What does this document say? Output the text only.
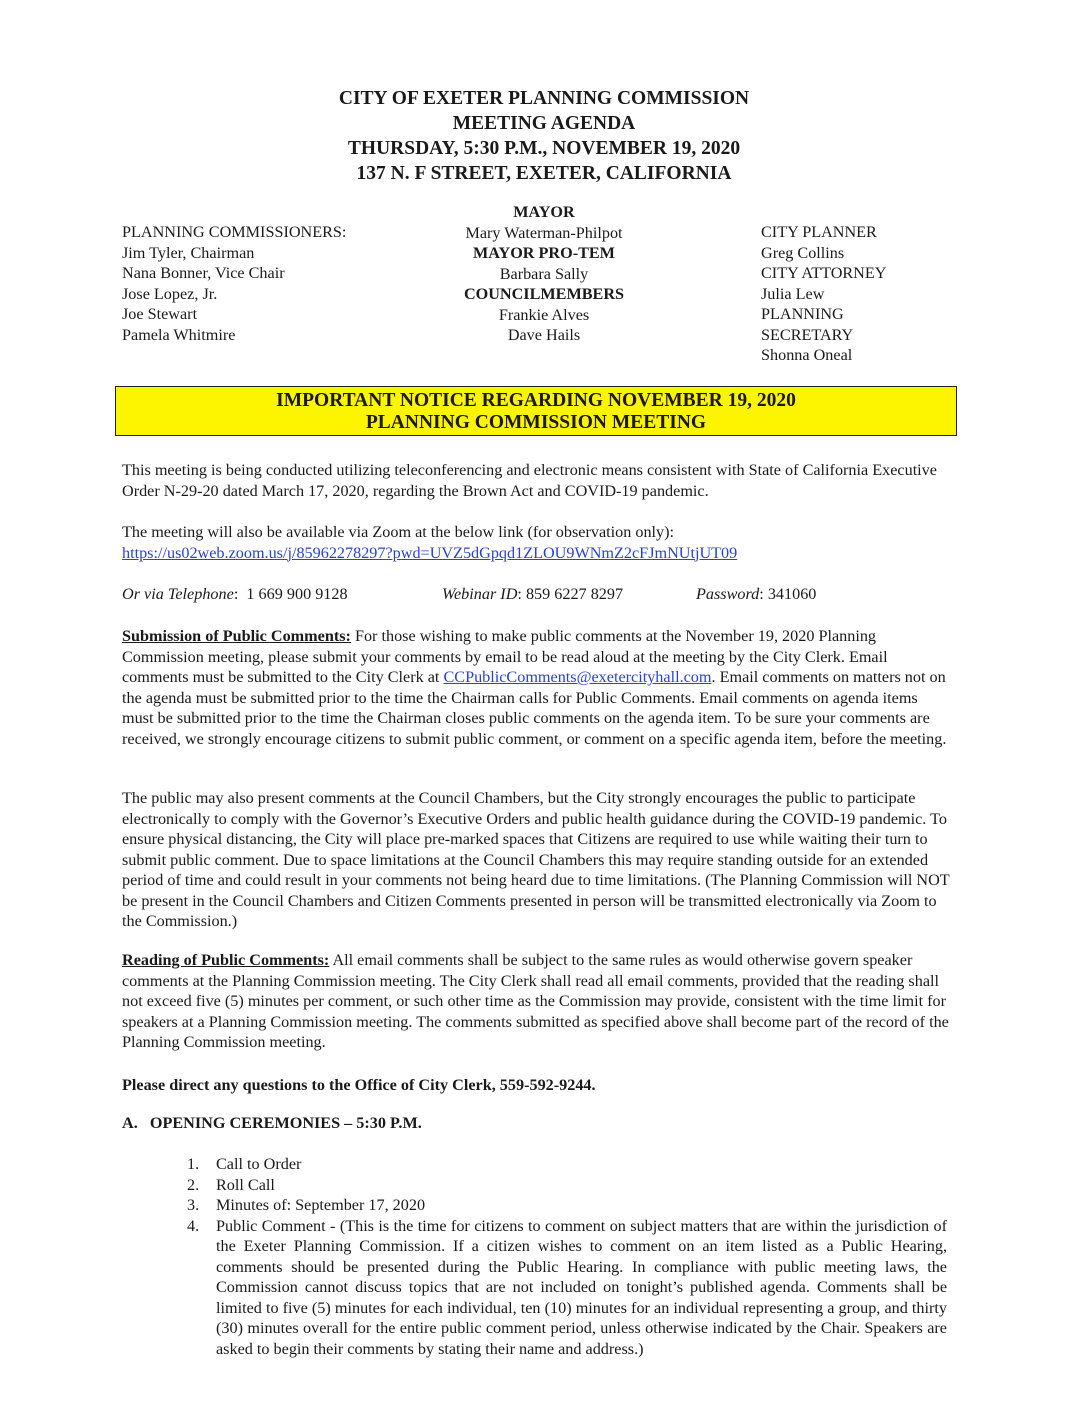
CITY OF EXETER PLANNING COMMISSION
MEETING AGENDA
THURSDAY, 5:30 P.M., NOVEMBER 19, 2020
137 N. F STREET, EXETER, CALIFORNIA
PLANNING COMMISSIONERS:
Jim Tyler, Chairman
Nana Bonner, Vice Chair
Jose Lopez, Jr.
Joe Stewart
Pamela Whitmire
MAYOR
Mary Waterman-Philpot
MAYOR PRO-TEM
Barbara Sally
COUNCILMEMBERS
Frankie Alves
Dave Hails
CITY PLANNER
Greg Collins
CITY ATTORNEY
Julia Lew
PLANNING
SECRETARY
Shonna Oneal
IMPORTANT NOTICE REGARDING NOVEMBER 19, 2020
PLANNING COMMISSION MEETING
This meeting is being conducted utilizing teleconferencing and electronic means consistent with State of California Executive Order N-29-20 dated March 17, 2020, regarding the Brown Act and COVID-19 pandemic.
The meeting will also be available via Zoom at the below link (for observation only):
https://us02web.zoom.us/j/85962278297?pwd=UVZ5dGpqd1ZLOU9WNmZ2cFJmNUtjUT09
Or via Telephone:  1 669 900 9128	Webinar ID: 859 6227 8297	Password: 341060
Submission of Public Comments: For those wishing to make public comments at the November 19, 2020 Planning Commission meeting, please submit your comments by email to be read aloud at the meeting by the City Clerk. Email comments must be submitted to the City Clerk at CCPublicComments@exetercityhall.com. Email comments on matters not on the agenda must be submitted prior to the time the Chairman calls for Public Comments. Email comments on agenda items must be submitted prior to the time the Chairman closes public comments on the agenda item. To be sure your comments are received, we strongly encourage citizens to submit public comment, or comment on a specific agenda item, before the meeting.
The public may also present comments at the Council Chambers, but the City strongly encourages the public to participate electronically to comply with the Governor’s Executive Orders and public health guidance during the COVID-19 pandemic. To ensure physical distancing, the City will place pre-marked spaces that Citizens are required to use while waiting their turn to submit public comment. Due to space limitations at the Council Chambers this may require standing outside for an extended period of time and could result in your comments not being heard due to time limitations. (The Planning Commission will NOT be present in the Council Chambers and Citizen Comments presented in person will be transmitted electronically via Zoom to the Commission.)
Reading of Public Comments: All email comments shall be subject to the same rules as would otherwise govern speaker comments at the Planning Commission meeting. The City Clerk shall read all email comments, provided that the reading shall not exceed five (5) minutes per comment, or such other time as the Commission may provide, consistent with the time limit for speakers at a Planning Commission meeting. The comments submitted as specified above shall become part of the record of the Planning Commission meeting.
Please direct any questions to the Office of City Clerk, 559-592-9244.
A.   OPENING CEREMONIES – 5:30 P.M.
1. Call to Order
2. Roll Call
3. Minutes of: September 17, 2020
4. Public Comment - (This is the time for citizens to comment on subject matters that are within the jurisdiction of the Exeter Planning Commission. If a citizen wishes to comment on an item listed as a Public Hearing, comments should be presented during the Public Hearing. In compliance with public meeting laws, the Commission cannot discuss topics that are not included on tonight’s published agenda. Comments shall be limited to five (5) minutes for each individual, ten (10) minutes for an individual representing a group, and thirty (30) minutes overall for the entire public comment period, unless otherwise indicated by the Chair. Speakers are asked to begin their comments by stating their name and address.)
